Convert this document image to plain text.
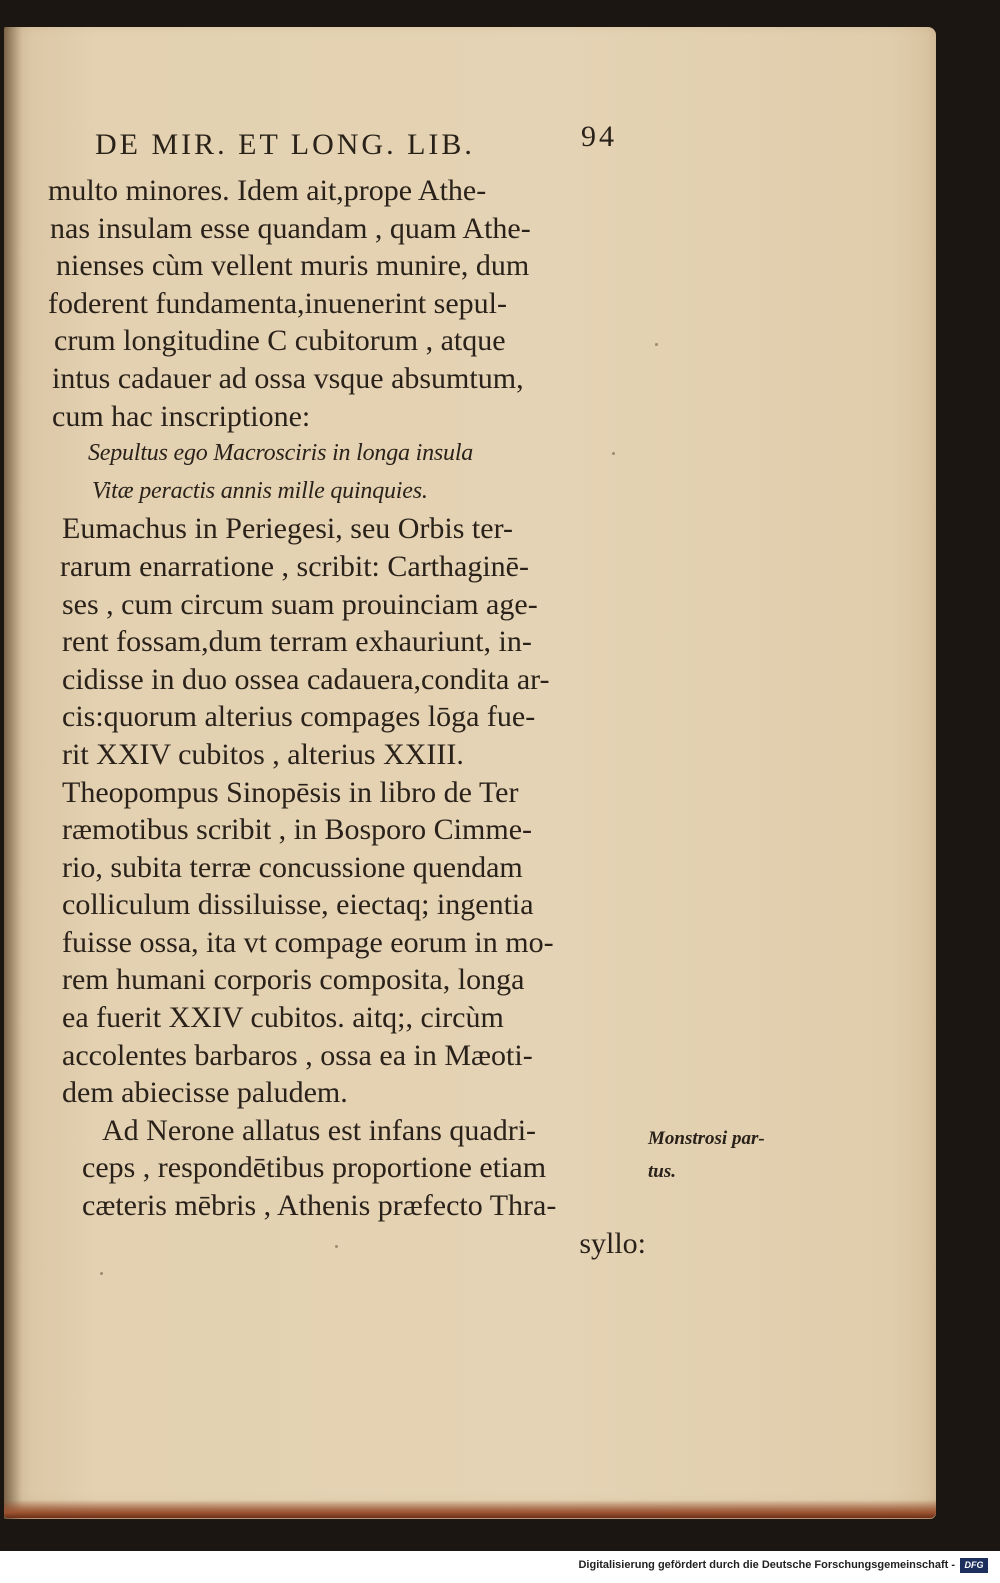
DE MIR. ET LONG. LIB.	94
multo minores. Idem ait,prope Athe-
nas insulam esse quandam , quam Athe-
nienses cùm vellent muris munire, dum
foderent fundamenta,inuenerint sepul-
crum longitudine C cubitorum , atque
intus cadauer ad ossa vsque absumtum,
cum hac inscriptione:
Sepultus ego Macrosciris in longa insula
Vitæ peractis annis mille quinquies.
Eumachus in Periegesi, seu Orbis ter-
rarum enarratione , scribit: Carthaginē-
ses , cum circum suam prouinciam age-
rent fossam,dum terram exhauriunt, in-
cidisse in duo ossea cadauera,condita ar-
cis:quorum alterius compages lōga fue-
rit XXIV cubitos , alterius XXIII.
Theopompus Sinopēsis in libro de Ter
ræmotibus scribit , in Bosporo Cimme-
rio, subita terræ concussione quendam
colliculum dissiluisse, eiectaq; ingentia
fuisse ossa, ita vt compage eorum in mo-
rem humani corporis composita, longa
ea fuerit XXIV cubitos. aitq;, circùm
accolentes barbaros , ossa ea in Mæoti-
dem abiecisse paludem.
Ad Nerone allatus est infans quadri-
ceps , respondētibus proportione etiam
cæteris mēbris , Athenis præfecto Thra-
syllo:
Monstrosi par-
tus.
Digitalisierung gefördert durch die Deutsche Forschungsgemeinschaft -	DFG
